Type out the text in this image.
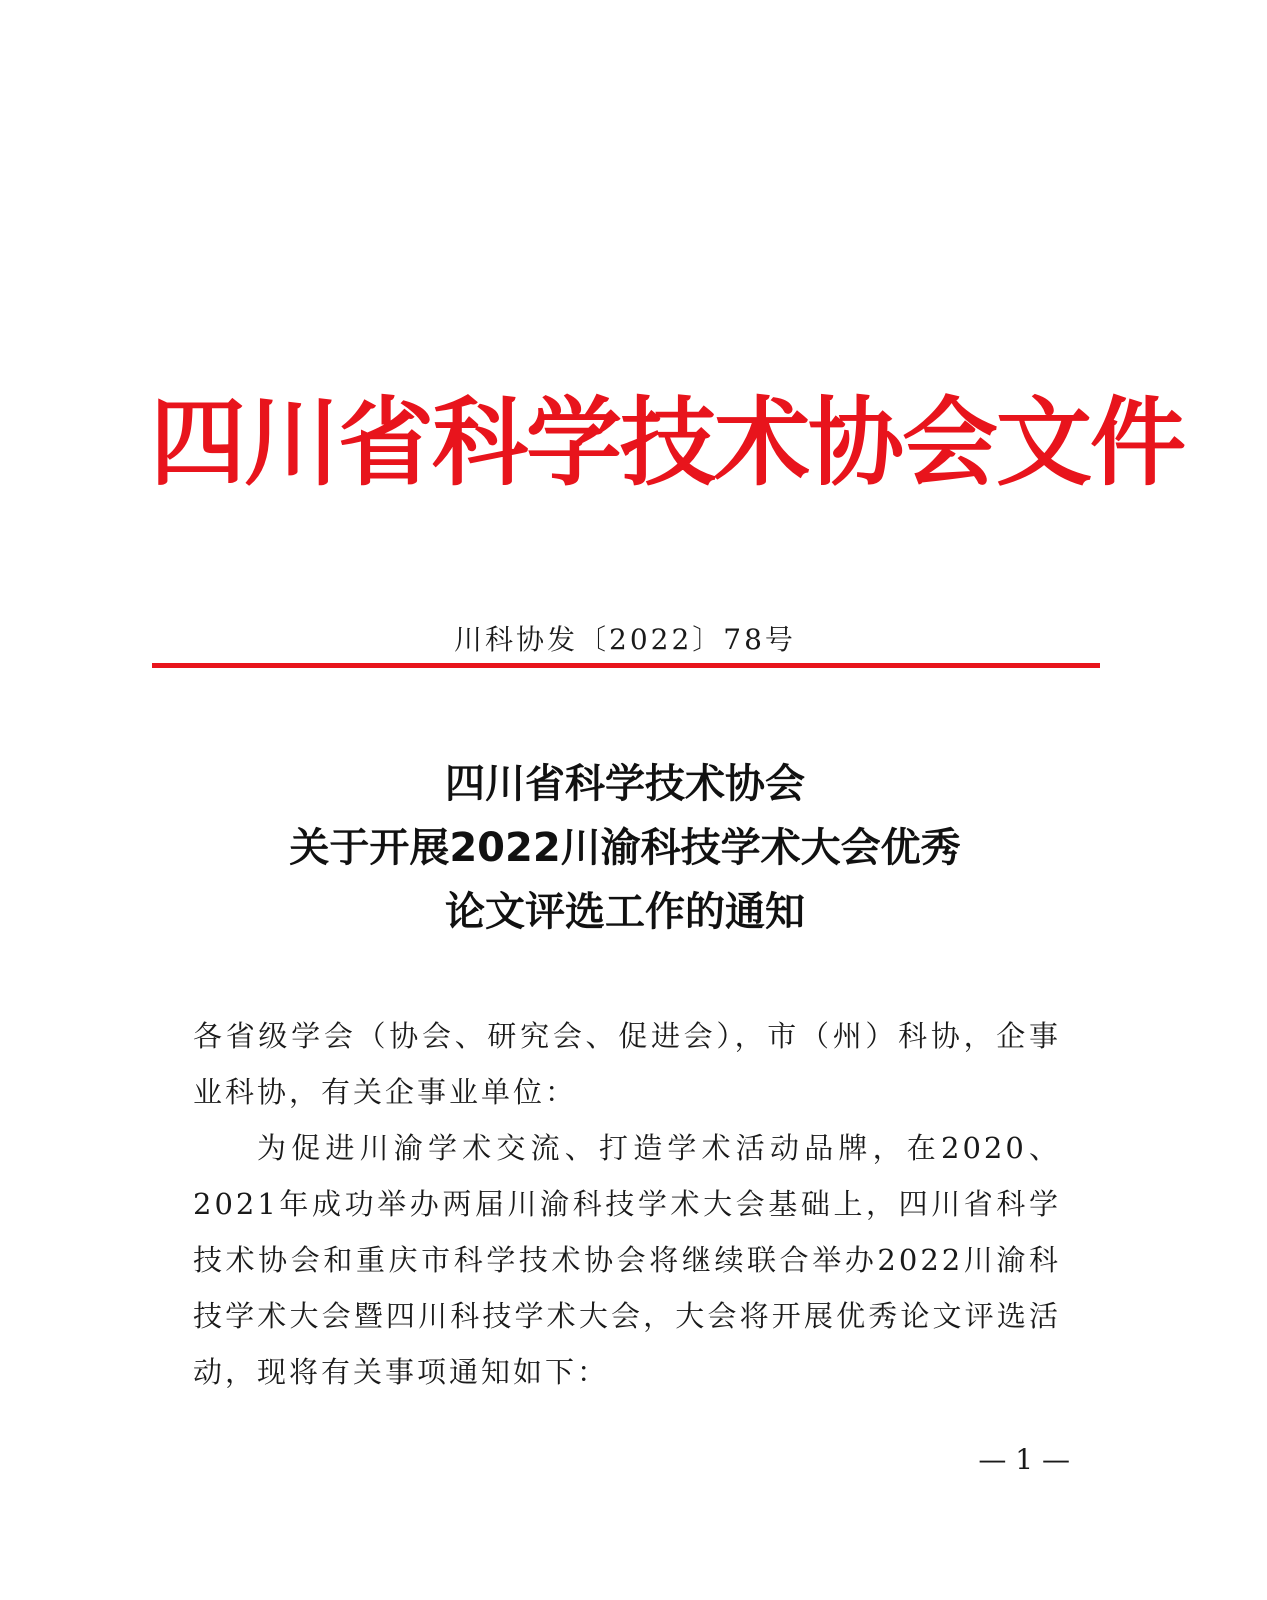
四川省科学技术协会文件
川科协发〔2022〕78号
四川省科学技术协会
关于开展2022川渝科技学术大会优秀
论文评选工作的通知

各省级学会（协会、研究会、促进会），市（州）科协，企事业科协，有关企事业单位：

为促进川渝学术交流、打造学术活动品牌，在2020、2021年成功举办两届川渝科技学术大会基础上，四川省科学技术协会和重庆市科学技术协会将继续联合举办2022川渝科技学术大会暨四川科技学术大会，大会将开展优秀论文评选活动，现将有关事项通知如下：

— 1 —
